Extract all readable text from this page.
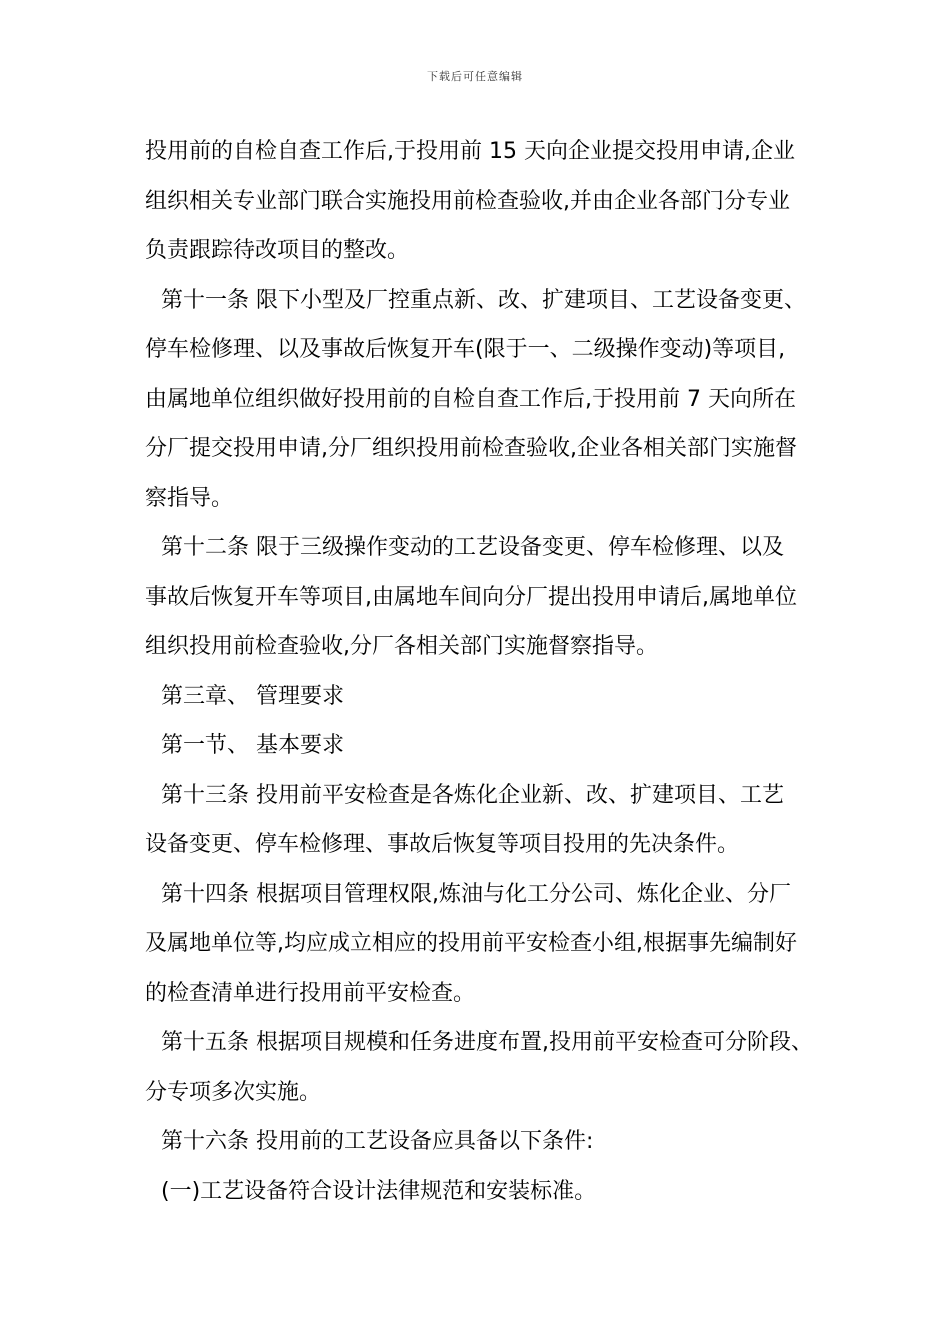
下载后可任意编辑

投用前的自检自查工作后,于投用前 15 天向企业提交投用申请,企业
组织相关专业部门联合实施投用前检查验收,并由企业各部门分专业
负责跟踪待改项目的整改。

第十一条 限下小型及厂控重点新、改、扩建项目、工艺设备变更、
停车检修理、以及事故后恢复开车(限于一、二级操作变动)等项目,
由属地单位组织做好投用前的自检自查工作后,于投用前 7 天向所在
分厂提交投用申请,分厂组织投用前检查验收,企业各相关部门实施督
察指导。

第十二条 限于三级操作变动的工艺设备变更、停车检修理、以及
事故后恢复开车等项目,由属地车间向分厂提出投用申请后,属地单位
组织投用前检查验收,分厂各相关部门实施督察指导。

第三章、 管理要求

第一节、 基本要求

第十三条 投用前平安检查是各炼化企业新、改、扩建项目、工艺
设备变更、停车检修理、事故后恢复等项目投用的先决条件。

第十四条 根据项目管理权限,炼油与化工分公司、炼化企业、分厂
及属地单位等,均应成立相应的投用前平安检查小组,根据事先编制好
的检查清单进行投用前平安检查。

第十五条 根据项目规模和任务进度布置,投用前平安检查可分阶段、
分专项多次实施。

第十六条 投用前的工艺设备应具备以下条件:

(一)工艺设备符合设计法律规范和安装标准。
